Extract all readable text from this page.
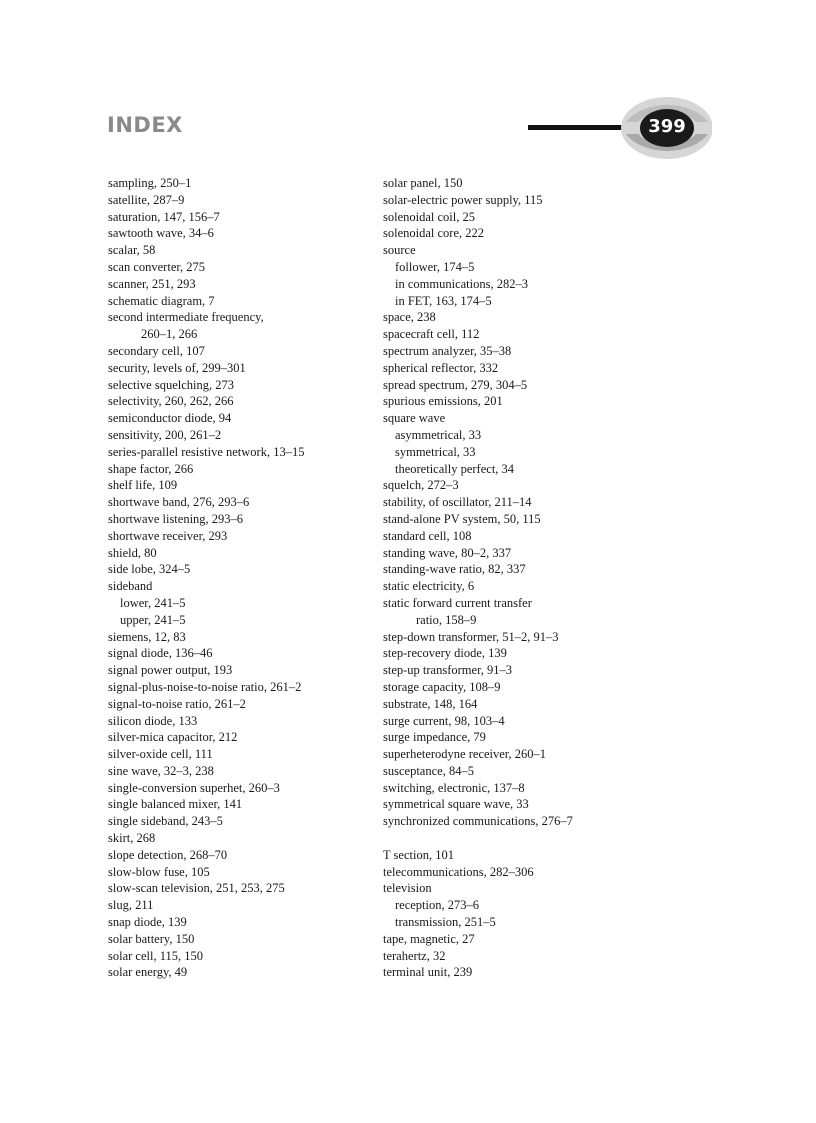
INDEX	399
sampling, 250–1
satellite, 287–9
saturation, 147, 156–7
sawtooth wave, 34–6
scalar, 58
scan converter, 275
scanner, 251, 293
schematic diagram, 7
second intermediate frequency,
260–1, 266
secondary cell, 107
security, levels of, 299–301
selective squelching, 273
selectivity, 260, 262, 266
semiconductor diode, 94
sensitivity, 200, 261–2
series-parallel resistive network, 13–15
shape factor, 266
shelf life, 109
shortwave band, 276, 293–6
shortwave listening, 293–6
shortwave receiver, 293
shield, 80
side lobe, 324–5
sideband
lower, 241–5
upper, 241–5
siemens, 12, 83
signal diode, 136–46
signal power output, 193
signal-plus-noise-to-noise ratio, 261–2
signal-to-noise ratio, 261–2
silicon diode, 133
silver-mica capacitor, 212
silver-oxide cell, 111
sine wave, 32–3, 238
single-conversion superhet, 260–3
single balanced mixer, 141
single sideband, 243–5
skirt, 268
slope detection, 268–70
slow-blow fuse, 105
slow-scan television, 251, 253, 275
slug, 211
snap diode, 139
solar battery, 150
solar cell, 115, 150
solar energy, 49
solar panel, 150
solar-electric power supply, 115
solenoidal coil, 25
solenoidal core, 222
source
follower, 174–5
in communications, 282–3
in FET, 163, 174–5
space, 238
spacecraft cell, 112
spectrum analyzer, 35–38
spherical reflector, 332
spread spectrum, 279, 304–5
spurious emissions, 201
square wave
asymmetrical, 33
symmetrical, 33
theoretically perfect, 34
squelch, 272–3
stability, of oscillator, 211–14
stand-alone PV system, 50, 115
standard cell, 108
standing wave, 80–2, 337
standing-wave ratio, 82, 337
static electricity, 6
static forward current transfer
ratio, 158–9
step-down transformer, 51–2, 91–3
step-recovery diode, 139
step-up transformer, 91–3
storage capacity, 108–9
substrate, 148, 164
surge current, 98, 103–4
surge impedance, 79
superheterodyne receiver, 260–1
susceptance, 84–5
switching, electronic, 137–8
symmetrical square wave, 33
synchronized communications, 276–7
T section, 101
telecommunications, 282–306
television
reception, 273–6
transmission, 251–5
tape, magnetic, 27
terahertz, 32
terminal unit, 239
